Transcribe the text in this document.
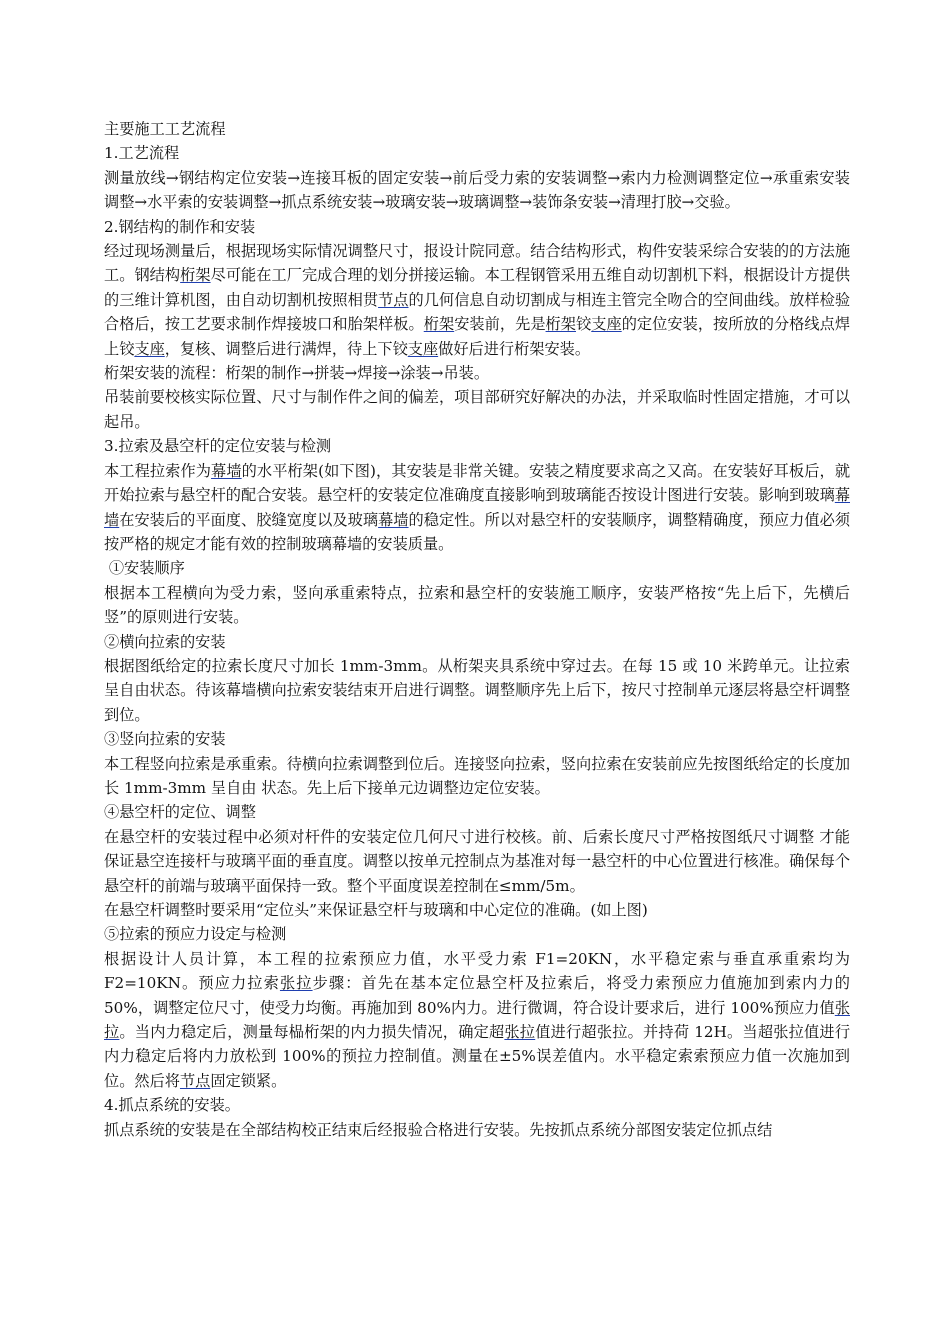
主要施工工艺流程

1.工艺流程

测量放线→钢结构定位安装→连接耳板的固定安装→前后受力索的安装调整→索内力检测调整定位→承重索安装调整→水平索的安装调整→抓点系统安装→玻璃安装→玻璃调整→装饰条安装→清理打胶→交验。

2.钢结构的制作和安装

经过现场测量后，根据现场实际情况调整尺寸，报设计院同意。结合结构形式，构件安装采综合安装的的方法施工。钢结构桁架尽可能在工厂完成合理的划分拼接运输。本工程钢管采用五维自动切割机下料，根据设计方提供的三维计算机图，由自动切割机按照相贯节点的几何信息自动切割成与相连主管完全吻合的空间曲线。放样检验合格后，按工艺要求制作焊接坡口和胎架样板。桁架安装前，先是桁架铰支座的定位安装，按所放的分格线点焊上铰支座，复核、调整后进行满焊，待上下铰支座做好后进行桁架安装。

桁架安装的流程：桁架的制作→拼装→焊接→涂装→吊装。

吊装前要校核实际位置、尺寸与制作件之间的偏差，项目部研究好解决的办法，并采取临时性固定措施，才可以起吊。

3.拉索及悬空杆的定位安装与检测

本工程拉索作为幕墙的水平桁架(如下图)，其安装是非常关键。安装之精度要求高之又高。在安装好耳板后，就开始拉索与悬空杆的配合安装。悬空杆的安装定位准确度直接影响到玻璃能否按设计图进行安装。影响到玻璃幕墙在安装后的平面度、胶缝宽度以及玻璃幕墙的稳定性。所以对悬空杆的安装顺序，调整精确度，预应力值必须按严格的规定才能有效的控制玻璃幕墙的安装质量。

①安装顺序

根据本工程横向为受力索，竖向承重索特点，拉索和悬空杆的安装施工顺序，安装严格按“先上后下，先横后竖”的原则进行安装。

②横向拉索的安装

根据图纸给定的拉索长度尺寸加长 1mm-3mm。从桁架夹具系统中穿过去。在每 15 或 10 米跨单元。让拉索呈自由状态。待该幕墙横向拉索安装结束开启进行调整。调整顺序先上后下，按尺寸控制单元逐层将悬空杆调整到位。

③竖向拉索的安装

本工程竖向拉索是承重索。待横向拉索调整到位后。连接竖向拉索，竖向拉索在安装前应先按图纸给定的长度加长 1mm-3mm 呈自由 状态。先上后下接单元边调整边定位安装。

④悬空杆的定位、调整

在悬空杆的安装过程中必须对杆件的安装定位几何尺寸进行校核。前、后索长度尺寸严格按图纸尺寸调整 才能保证悬空连接杆与玻璃平面的垂直度。调整以按单元控制点为基准对每一悬空杆的中心位置进行核准。确保每个悬空杆的前端与玻璃平面保持一致。整个平面度误差控制在≤mm/5m。

在悬空杆调整时要采用“定位头”来保证悬空杆与玻璃和中心定位的准确。(如上图)

⑤拉索的预应力设定与检测

根据设计人员计算，本工程的拉索预应力值，水平受力索 F1=20KN，水平稳定索与垂直承重索均为F2=10KN。预应力拉索张拉步骤：首先在基本定位悬空杆及拉索后，将受力索预应力值施加到索内力的 50%，调整定位尺寸，使受力均衡。再施加到 80%内力。进行微调，符合设计要求后，进行 100%预应力值张拉。当内力稳定后，测量每榀桁架的内力损失情况，确定超张拉值进行超张拉。并持荷 12H。当超张拉值进行内力稳定后将内力放松到 100%的预拉力控制值。测量在±5%误差值内。水平稳定索索预应力值一次施加到位。然后将节点固定锁紧。

4.抓点系统的安装。

抓点系统的安装是在全部结构校正结束后经报验合格进行安装。先按抓点系统分部图安装定位抓点结
